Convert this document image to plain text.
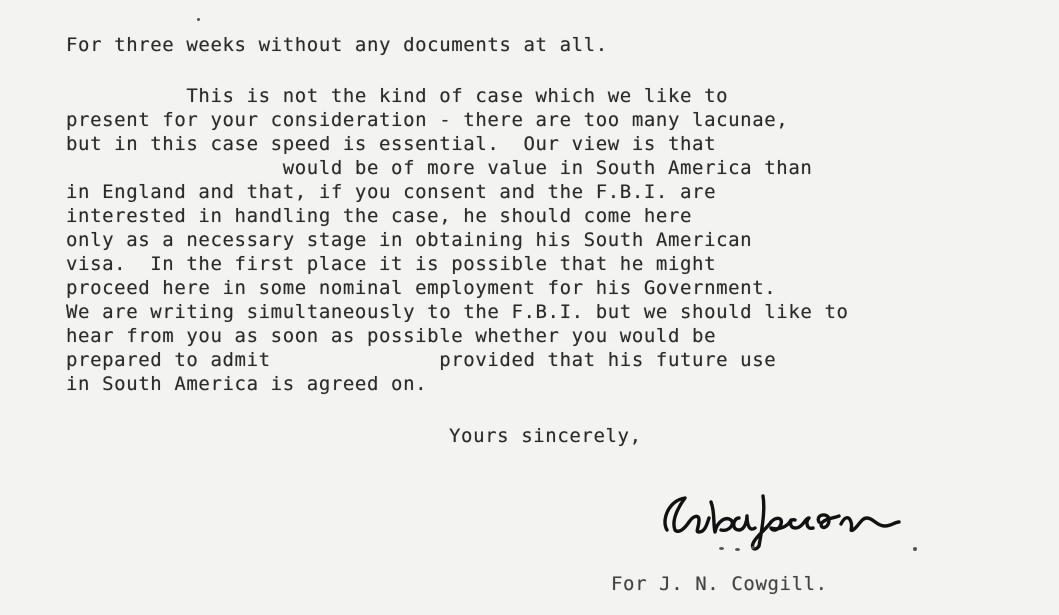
For three weeks without any documents at all.
This is not the kind of case which we like to
present for your consideration - there are too many lacunae,
but in this case speed is essential.  Our view is that
would be of more value in South America than
in England and that, if you consent and the F.B.I. are
interested in handling the case, he should come here
only as a necessary stage in obtaining his South American
visa.  In the first place it is possible that he might
proceed here in some nominal employment for his Government.
We are writing simultaneously to the F.B.I. but we should like to
hear from you as soon as possible whether you would be
prepared to admit              provided that his future use
in South America is agreed on.
Yours sincerely,
For J. N. Cowgill.
